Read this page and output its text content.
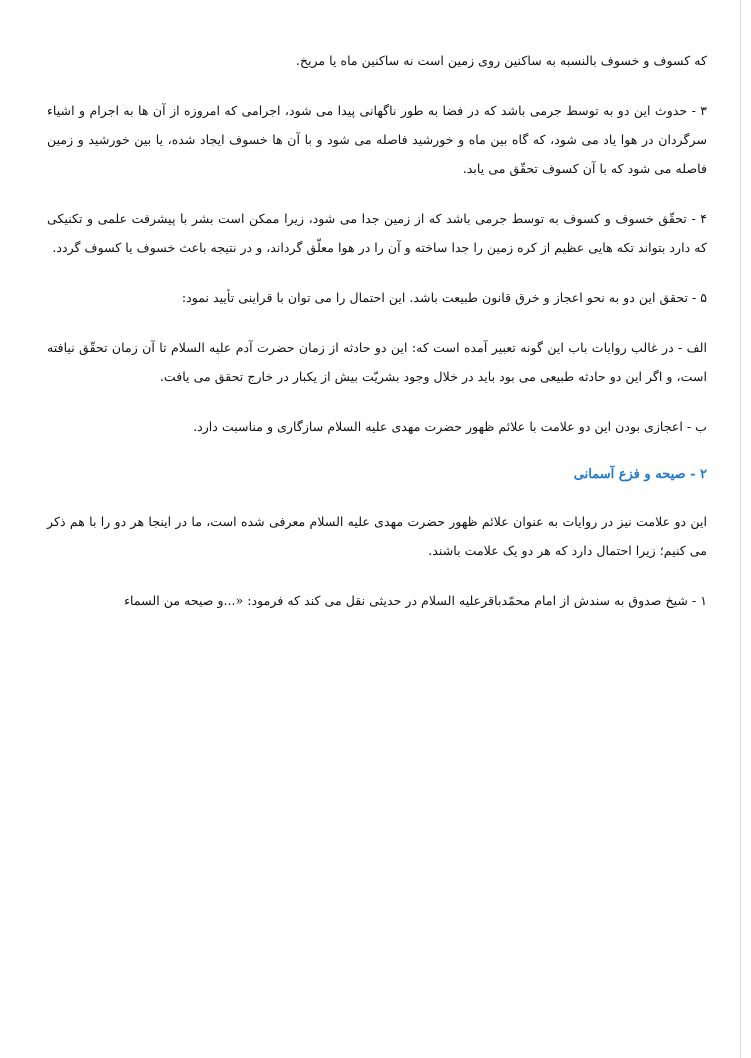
كه كسوف و خسوف بالنسبه به ساكنين روى زمين است نه ساكنين ماه يا مريخ.

۳ - حدوث اين دو به توسط جرمى باشد كه در فضا به طور ناگهانى پيدا مى شود، اجرامى كه امروزه از آن ها به اجرام و اشياء سرگردان در هوا ياد مى شود، كه گاه بين ماه و خورشيد فاصله مى شود و با آن ها خسوف ايجاد شده، يا بين خورشيد و زمين فاصله مى شود كه با آن كسوف تحقّق مى يابد.

۴ - تحقّق خسوف و كسوف به توسط جرمى باشد كه از زمين جدا مى شود، زيرا ممكن است بشر با پيشرفت علمى و تكنيكى كه دارد بتواند تكه هايى عظيم از كره زمين را جدا ساخته و آن را در هوا معلّق گرداند، و در نتيجه باعث خسوف يا كسوف گردد.

۵ - تحقق اين دو به نحو اعجاز و خرق قانون طبيعت باشد. اين احتمال را مى توان با قراينى تأييد نمود:

الف - در غالب روايات باب اين گونه تعبير آمده است كه: اين دو حادثه از زمان حضرت آدم عليه السلام تا آن زمان تحقّق نيافته است، و اگر اين دو حادثه طبيعى مى بود بايد در خلال وجود بشريّت بيش از يكبار در خارج تحقق مى يافت.

ب - اعجازى بودن اين دو علامت با علائم ظهور حضرت مهدى عليه السلام سازگارى و مناسبت دارد.

۲ - صيحه و فزع آسمانى

اين دو علامت نيز در روايات به عنوان علائم ظهور حضرت مهدى عليه السلام معرفى شده است، ما در اينجا هر دو را با هم ذكر مى كنيم؛ زيرا احتمال دارد كه هر دو يک علامت باشند.

۱ - شيخ صدوق به سندش از امام محمّدباقرعليه السلام در حديثى نقل مى كند كه فرمود: «...و صيحه من السماء
